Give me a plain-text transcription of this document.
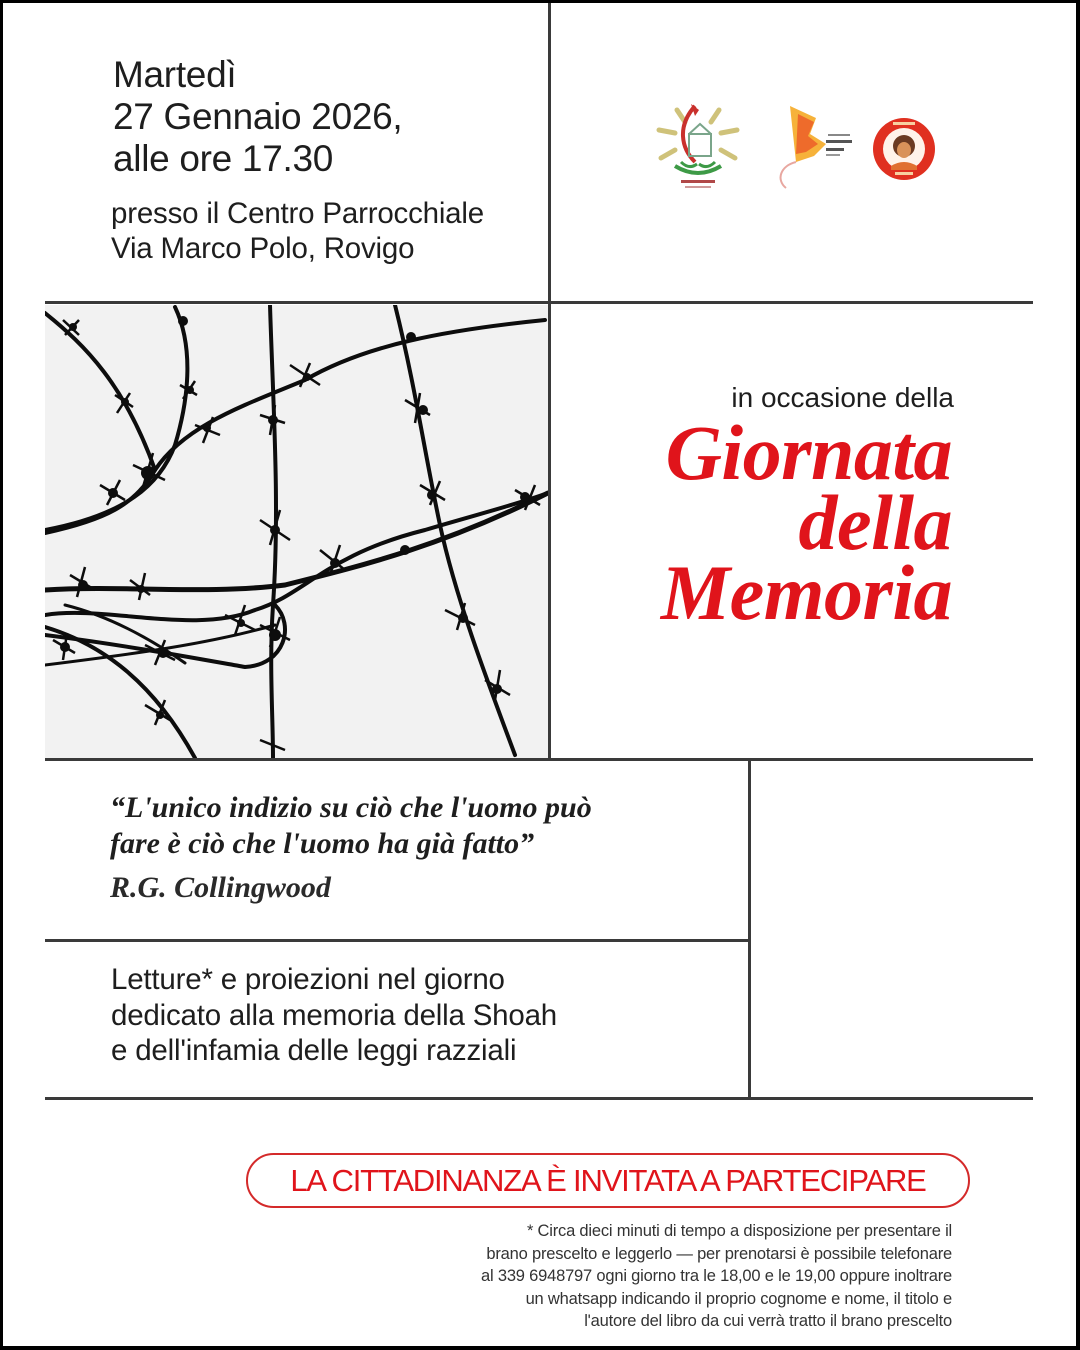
Martedì
27 Gennaio 2026,
alle ore 17.30
presso il Centro Parrocchiale
Via Marco Polo, Rovigo
in occasione della
Giornata
della
Memoria
“L'unico indizio su ciò che l'uomo può
fare è ciò che l'uomo ha già fatto”
R.G. Collingwood
Letture* e proiezioni nel giorno
dedicato alla memoria della Shoah
e dell'infamia delle leggi razziali
LA CITTADINANZA È INVITATA A PARTECIPARE
* Circa dieci minuti di tempo a disposizione per presentare il
brano prescelto e leggerlo — per prenotarsi è possibile telefonare
al 339 6948797 ogni giorno tra le 18,00 e le 19,00 oppure inoltrare
un whatsapp indicando il proprio cognome e nome, il titolo e
l'autore del libro da cui verrà tratto il brano prescelto
